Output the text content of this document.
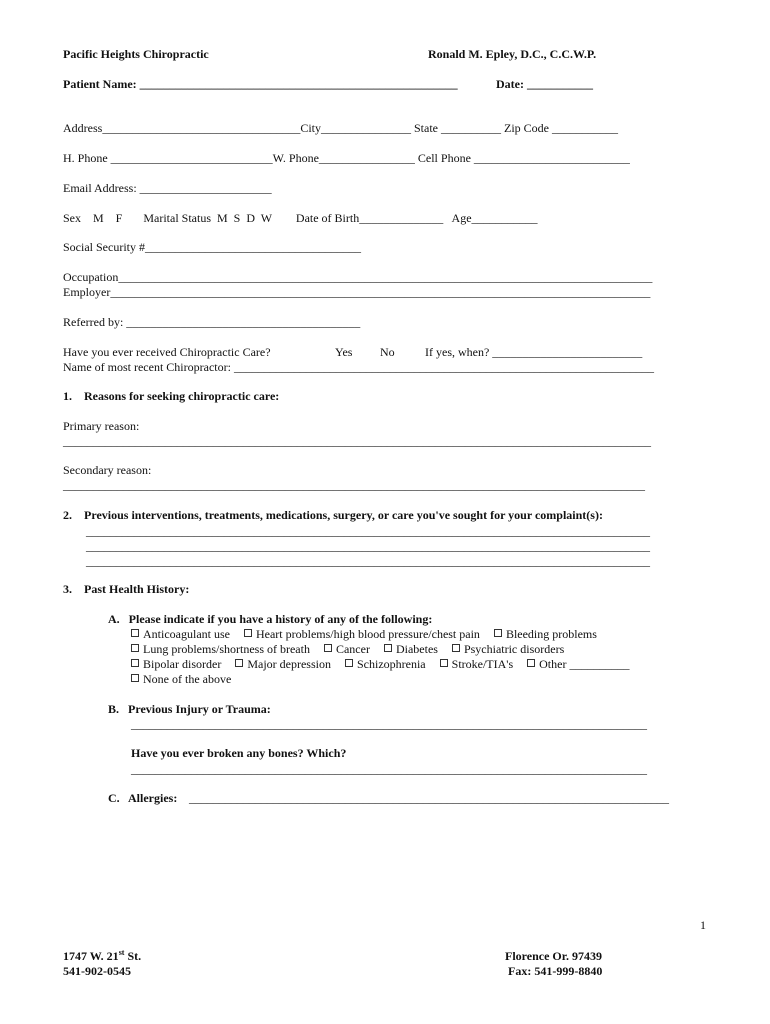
Pacific Heights Chiropractic	Ronald M. Epley, D.C., C.C.W.P.
Patient Name: _____________________________________________________	Date: ___________
Address_________________________________City_______________ State __________ Zip Code ___________
H. Phone ___________________________W. Phone________________ Cell Phone __________________________
Email Address: ______________________
Sex    M    F       Marital Status  M  S  D  W        Date of Birth______________   Age___________
Social Security #____________________________________
Occupation_________________________________________________________________________________________
Employer__________________________________________________________________________________________
Referred by: _______________________________________
Have you ever received Chiropractic Care?	Yes No	If yes, when? _________________________
Name of most recent Chiropractor: ______________________________________________________________________
1.    Reasons for seeking chiropractic care:
Primary reason:
__________________________________________________________________________________________________
Secondary reason:
_________________________________________________________________________________________________
2.    Previous interventions, treatments, medications, surgery, or care you've sought for your complaint(s):
______________________________________________________________________________________________
______________________________________________________________________________________________
______________________________________________________________________________________________
3.    Past Health History:
A.   Please indicate if you have a history of any of the following:
Anticoagulant use Heart problems/high blood pressure/chest pain Bleeding problems
Lung problems/shortness of breath Cancer Diabetes Psychiatric disorders
Bipolar disorder Major depression Schizophrenia Stroke/TIA's Other __________
None of the above
B.   Previous Injury or Trauma:
______________________________________________________________________________________
Have you ever broken any bones? Which?
______________________________________________________________________________________
C.   Allergies: ________________________________________________________________________________
1
1747 W. 21st St.
541-902-0545
Florence Or. 97439
Fax: 541-999-8840
